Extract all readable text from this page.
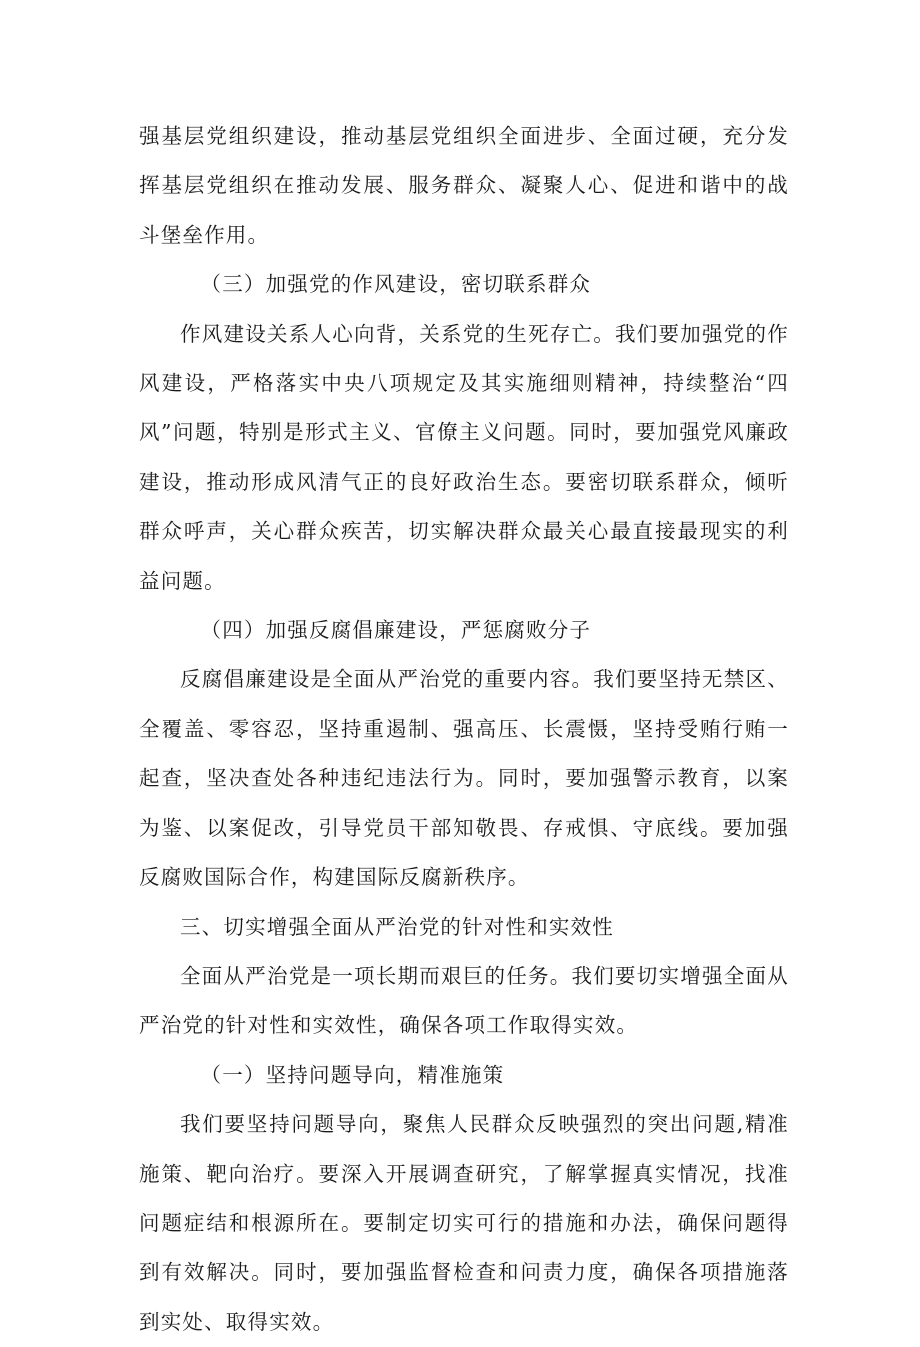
强基层党组织建设，推动基层党组织全面进步、全面过硬，充分发挥基层党组织在推动发展、服务群众、凝聚人心、促进和谐中的战斗堡垒作用。

（三）加强党的作风建设，密切联系群众

作风建设关系人心向背，关系党的生死存亡。我们要加强党的作风建设，严格落实中央八项规定及其实施细则精神，持续整治“四风”问题，特别是形式主义、官僚主义问题。同时，要加强党风廉政建设，推动形成风清气正的良好政治生态。要密切联系群众，倾听群众呼声，关心群众疾苦，切实解决群众最关心最直接最现实的利益问题。

（四）加强反腐倡廉建设，严惩腐败分子

反腐倡廉建设是全面从严治党的重要内容。我们要坚持无禁区、全覆盖、零容忍，坚持重遏制、强高压、长震慑，坚持受贿行贿一起查，坚决查处各种违纪违法行为。同时，要加强警示教育，以案为鉴、以案促改，引导党员干部知敬畏、存戒惧、守底线。要加强反腐败国际合作，构建国际反腐新秩序。

三、切实增强全面从严治党的针对性和实效性

全面从严治党是一项长期而艰巨的任务。我们要切实增强全面从严治党的针对性和实效性，确保各项工作取得实效。

（一）坚持问题导向，精准施策

我们要坚持问题导向，聚焦人民群众反映强烈的突出问题,精准施策、靶向治疗。要深入开展调查研究，了解掌握真实情况，找准问题症结和根源所在。要制定切实可行的措施和办法，确保问题得到有效解决。同时，要加强监督检查和问责力度，确保各项措施落到实处、取得实效。
